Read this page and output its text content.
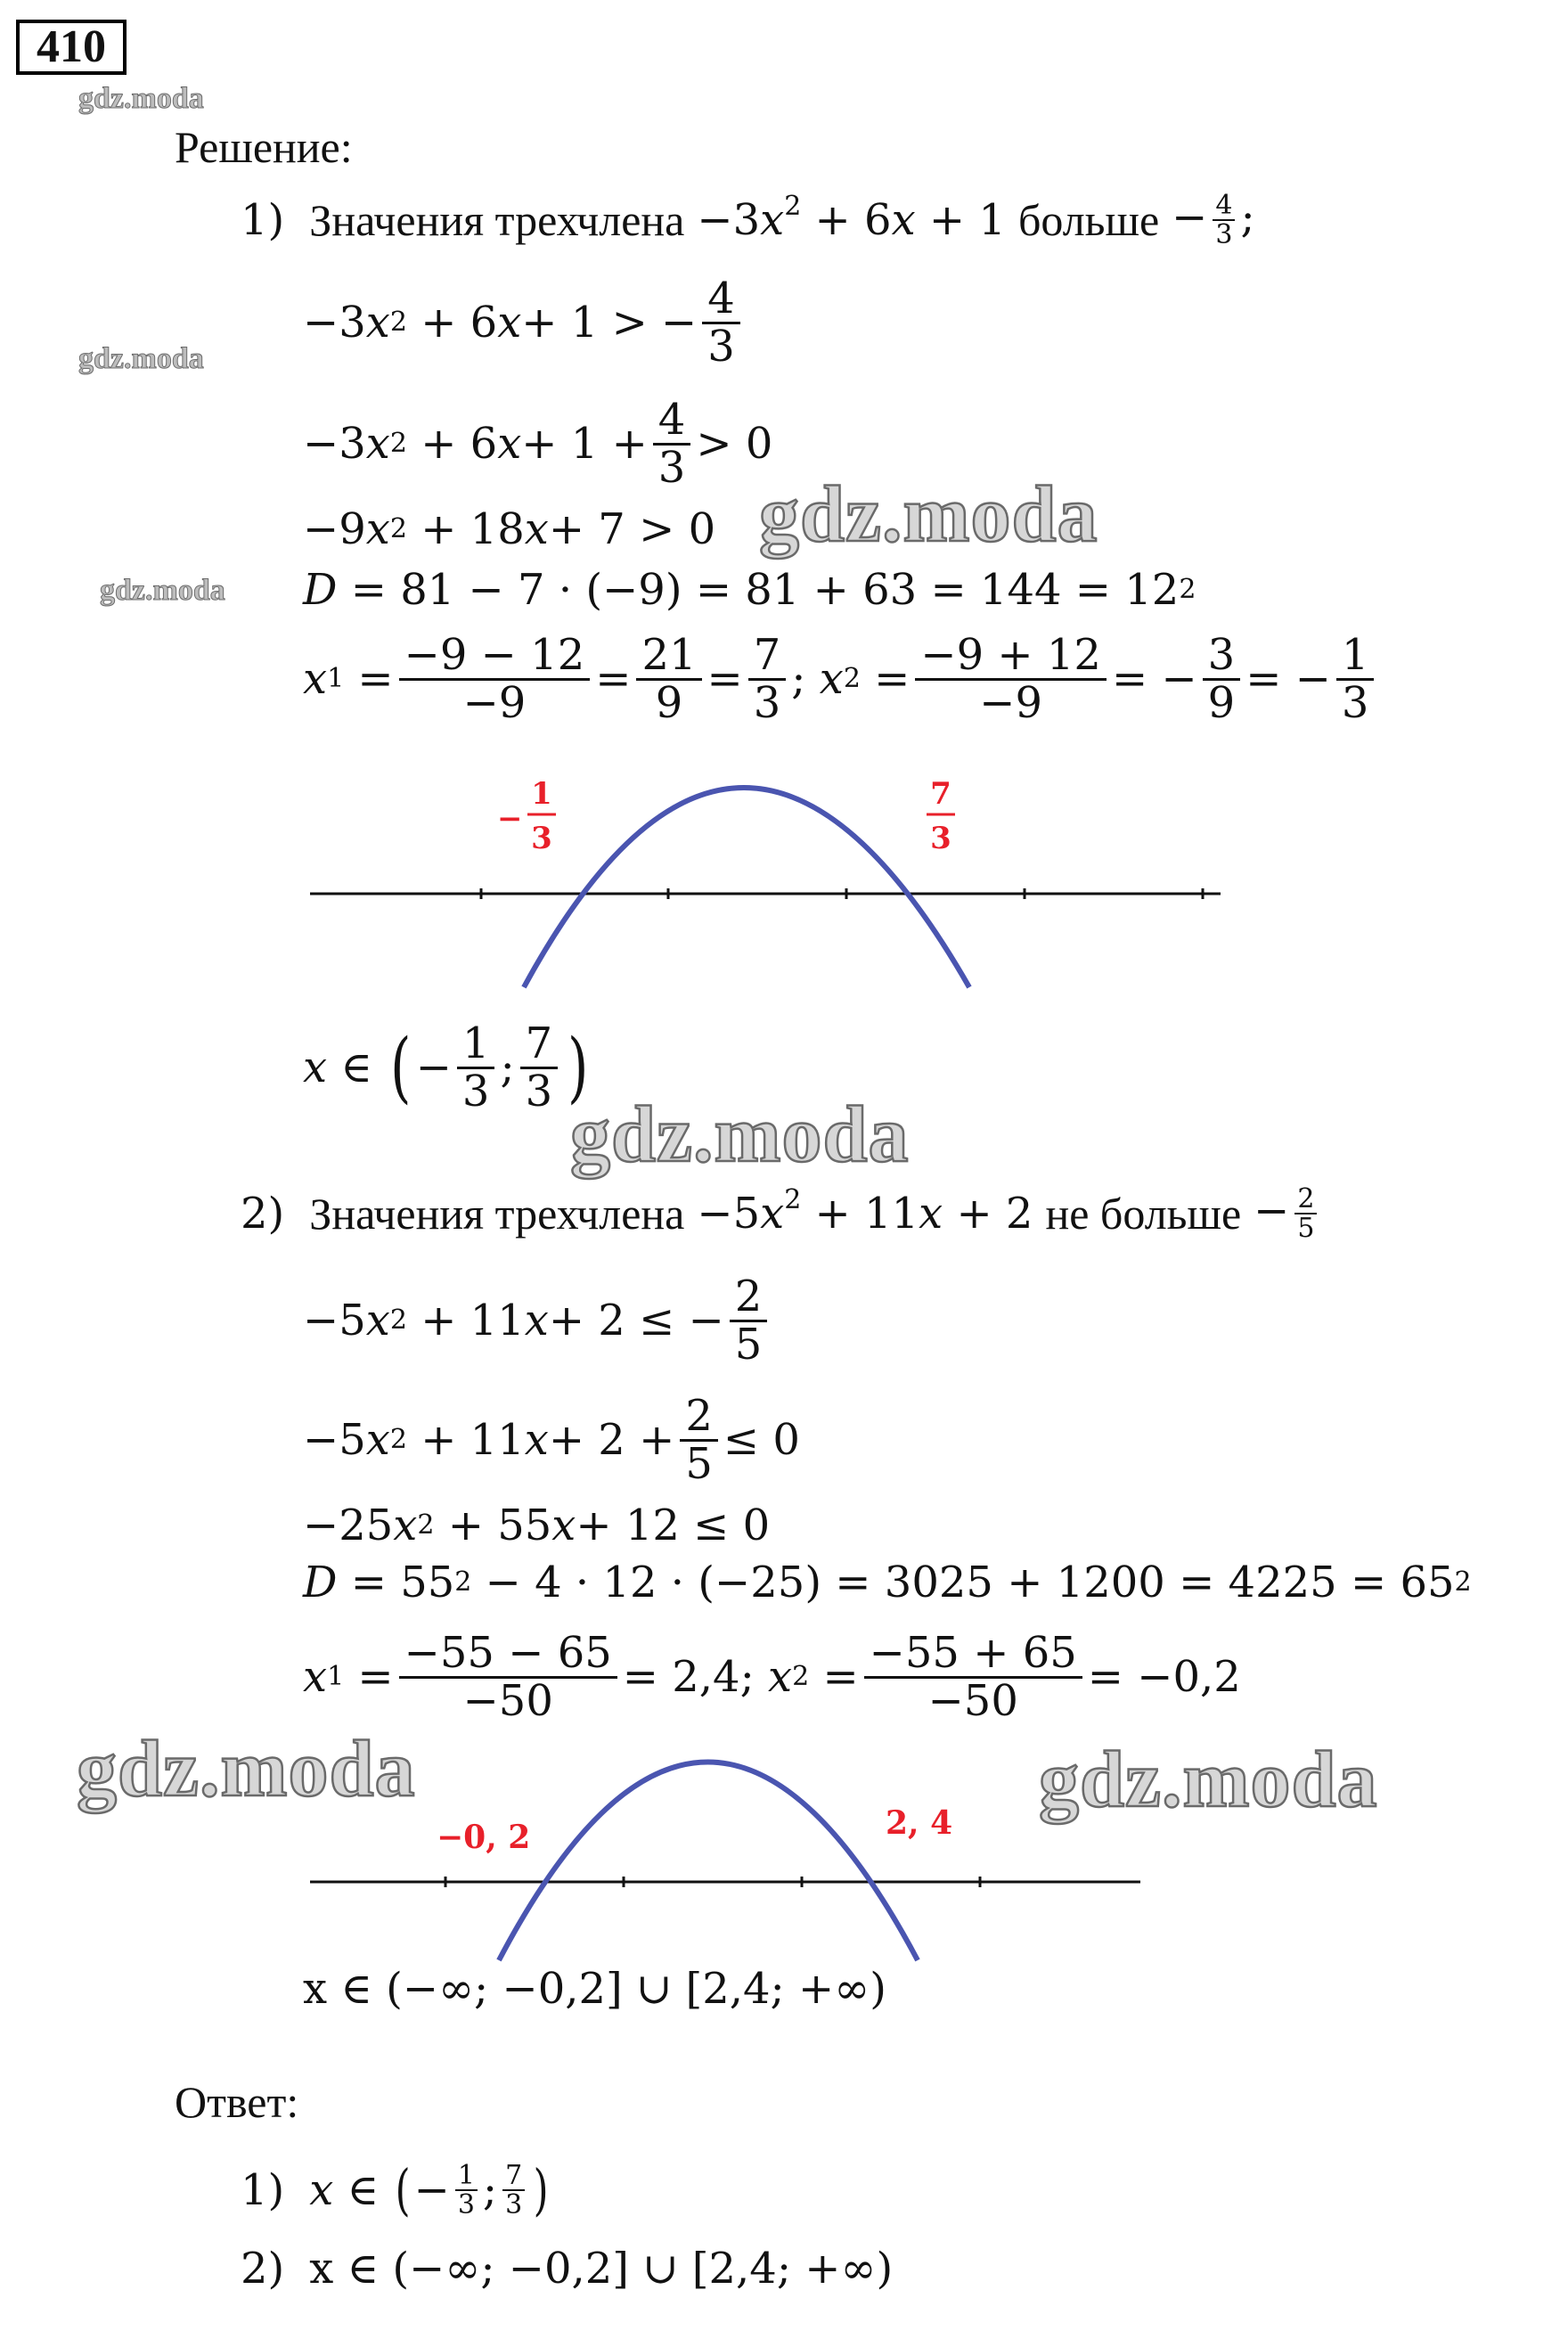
410
gdz.moda
Решение:
1) Значения трехчлена $-3x^2 + 6x + 1$ больше − $\frac{4}{3}$ ;
gdz.moda
−3 x 2 + 6 x + 1 > − $\frac{4}{3}$
−3 x 2 + 6 $x + 1 + \frac{4}{3} > 0$
−9 x 2 + 18 x + 7 > 0 gdz.moda
gdz.moda D = 81 − 7 · (−9) = 81 + 63 = 144 = 12 2
x $1 = \frac{-9 - 12}{-9} = \frac{21}{9} = \frac{7}{3}$ ; x $2 = \frac{-9 + 12}{-9}$ = − $\frac{3}{9}$ = − $\frac{1}{3}$
−
1
3
7
3
x ∈ ( − $\frac{1}{3}$ ; $\frac{7}{3}$ )
gdz.moda
2) Значения трехчлена $-5x^2 + 11x + 2$ не больше − $\frac{2}{5}$
−5 x 2 + 11 x + 2 ≤ − $\frac{2}{5}$
−5 x 2 + 11 $x + 2 + \frac{2}{5} \le 0$
−25 x 2 + 55 x + 12 ≤ 0
D = 55 2 − 4 · 12 · (−25) = 3025 + 1200 = 4225 = 65 2
x $1 = \frac{-55 - 65}{-50} = 2,4$; x $2 = \frac{-55 + 65}{-50} = -0,2$
gdz.moda	gdz.moda
−0, 2	2, 4
x ∈ (−∞; −0,2] ∪ [2,4; +∞)
Ответ:
1) x ∈ ( − $\frac{1}{3}$ ; $\frac{7}{3}$ )
2) x ∈ (−∞; −0,2] ∪ [2,4; +∞)
